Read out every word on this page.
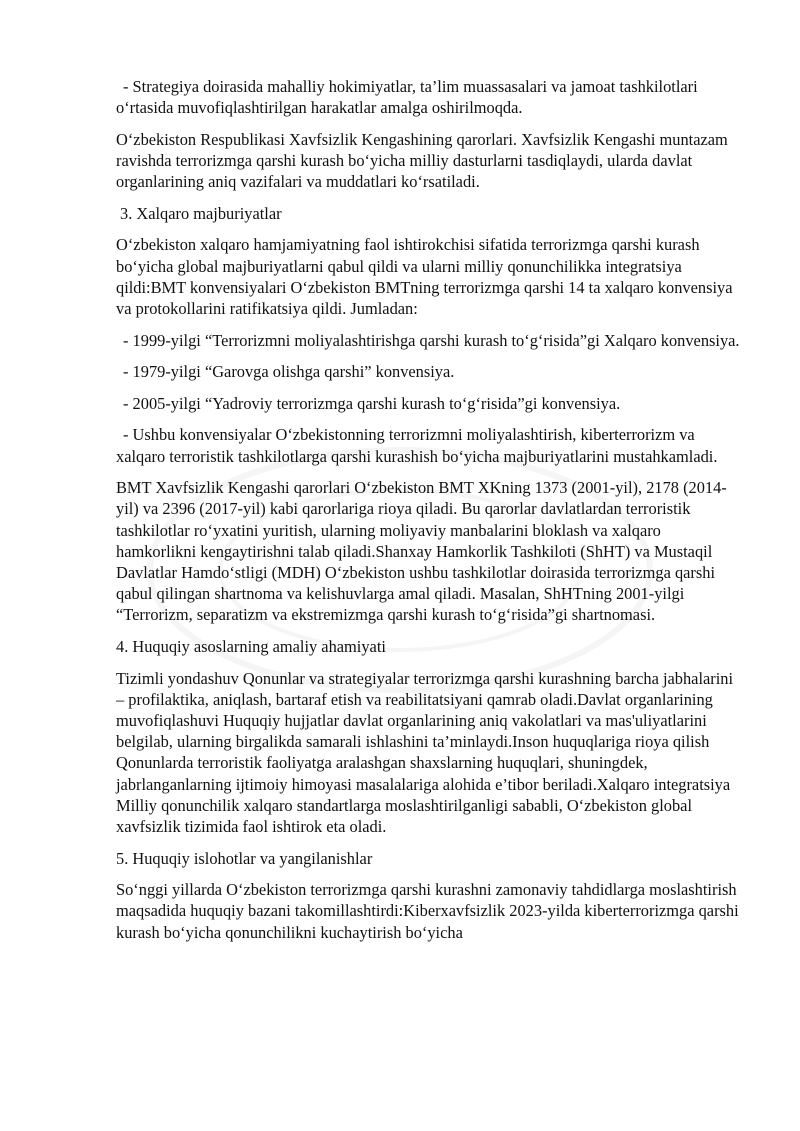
- Strategiya doirasida mahalliy hokimiyatlar, ta’lim muassasalari va jamoat tashkilotlari o‘rtasida muvofiqlashtirilgan harakatlar amalga oshirilmoqda.

O‘zbekiston Respublikasi Xavfsizlik Kengashining qarorlari. Xavfsizlik Kengashi muntazam ravishda terrorizmga qarshi kurash bo‘yicha milliy dasturlarni tasdiqlaydi, ularda davlat organlarining aniq vazifalari va muddatlari ko‘rsatiladi.

3. Xalqaro majburiyatlar

O‘zbekiston xalqaro hamjamiyatning faol ishtirokchisi sifatida terrorizmga qarshi kurash bo‘yicha global majburiyatlarni qabul qildi va ularni milliy qonunchilikka integratsiya qildi:BMT konvensiyalari O‘zbekiston BMTning terrorizmga qarshi 14 ta xalqaro konvensiya va protokollarini ratifikatsiya qildi. Jumladan:

- 1999-yilgi “Terrorizmni moliyalashtirishga qarshi kurash to‘g‘risida”gi Xalqaro konvensiya.

- 1979-yilgi “Garovga olishga qarshi” konvensiya.

- 2005-yilgi “Yadroviy terrorizmga qarshi kurash to‘g‘risida”gi konvensiya.

- Ushbu konvensiyalar O‘zbekistonning terrorizmni moliyalashtirish, kiberterrorizm va xalqaro terroristik tashkilotlarga qarshi kurashish bo‘yicha majburiyatlarini mustahkamladi.

BMT Xavfsizlik Kengashi qarorlari O‘zbekiston BMT XKning 1373 (2001-yil), 2178 (2014-yil) va 2396 (2017-yil) kabi qarorlariga rioya qiladi. Bu qarorlar davlatlardan terroristik tashkilotlar ro‘yxatini yuritish, ularning moliyaviy manbalarini bloklash va xalqaro hamkorlikni kengaytirishni talab qiladi.Shanxay Hamkorlik Tashkiloti (ShHT) va Mustaqil Davlatlar Hamdo‘stligi (MDH) O‘zbekiston ushbu tashkilotlar doirasida terrorizmga qarshi qabul qilingan shartnoma va kelishuvlarga amal qiladi. Masalan, ShHTning 2001-yilgi “Terrorizm, separatizm va ekstremizmga qarshi kurash to‘g‘risida”gi shartnomasi.

4. Huquqiy asoslarning amaliy ahamiyati

Tizimli yondashuv Qonunlar va strategiyalar terrorizmga qarshi kurashning barcha jabhalarini – profilaktika, aniqlash, bartaraf etish va reabilitatsiyani qamrab oladi.Davlat organlarining muvofiqlashuvi Huquqiy hujjatlar davlat organlarining aniq vakolatlari va mas'uliyatlarini belgilab, ularning birgalikda samarali ishlashini ta’minlaydi.Inson huquqlariga rioya qilish Qonunlarda terroristik faoliyatga aralashgan shaxslarning huquqlari, shuningdek, jabrlanganlarning ijtimoiy himoyasi masalalariga alohida e’tibor beriladi.Xalqaro integratsiya Milliy qonunchilik xalqaro standartlarga moslashtirilganligi sababli, O‘zbekiston global xavfsizlik tizimida faol ishtirok eta oladi.

5. Huquqiy islohotlar va yangilanishlar

So‘nggi yillarda O‘zbekiston terrorizmga qarshi kurashni zamonaviy tahdidlarga moslashtirish maqsadida huquqiy bazani takomillashtirdi:Kiberxavfsizlik 2023-yilda kiberterrorizmga qarshi kurash bo‘yicha qonunchilikni kuchaytirish bo‘yicha
